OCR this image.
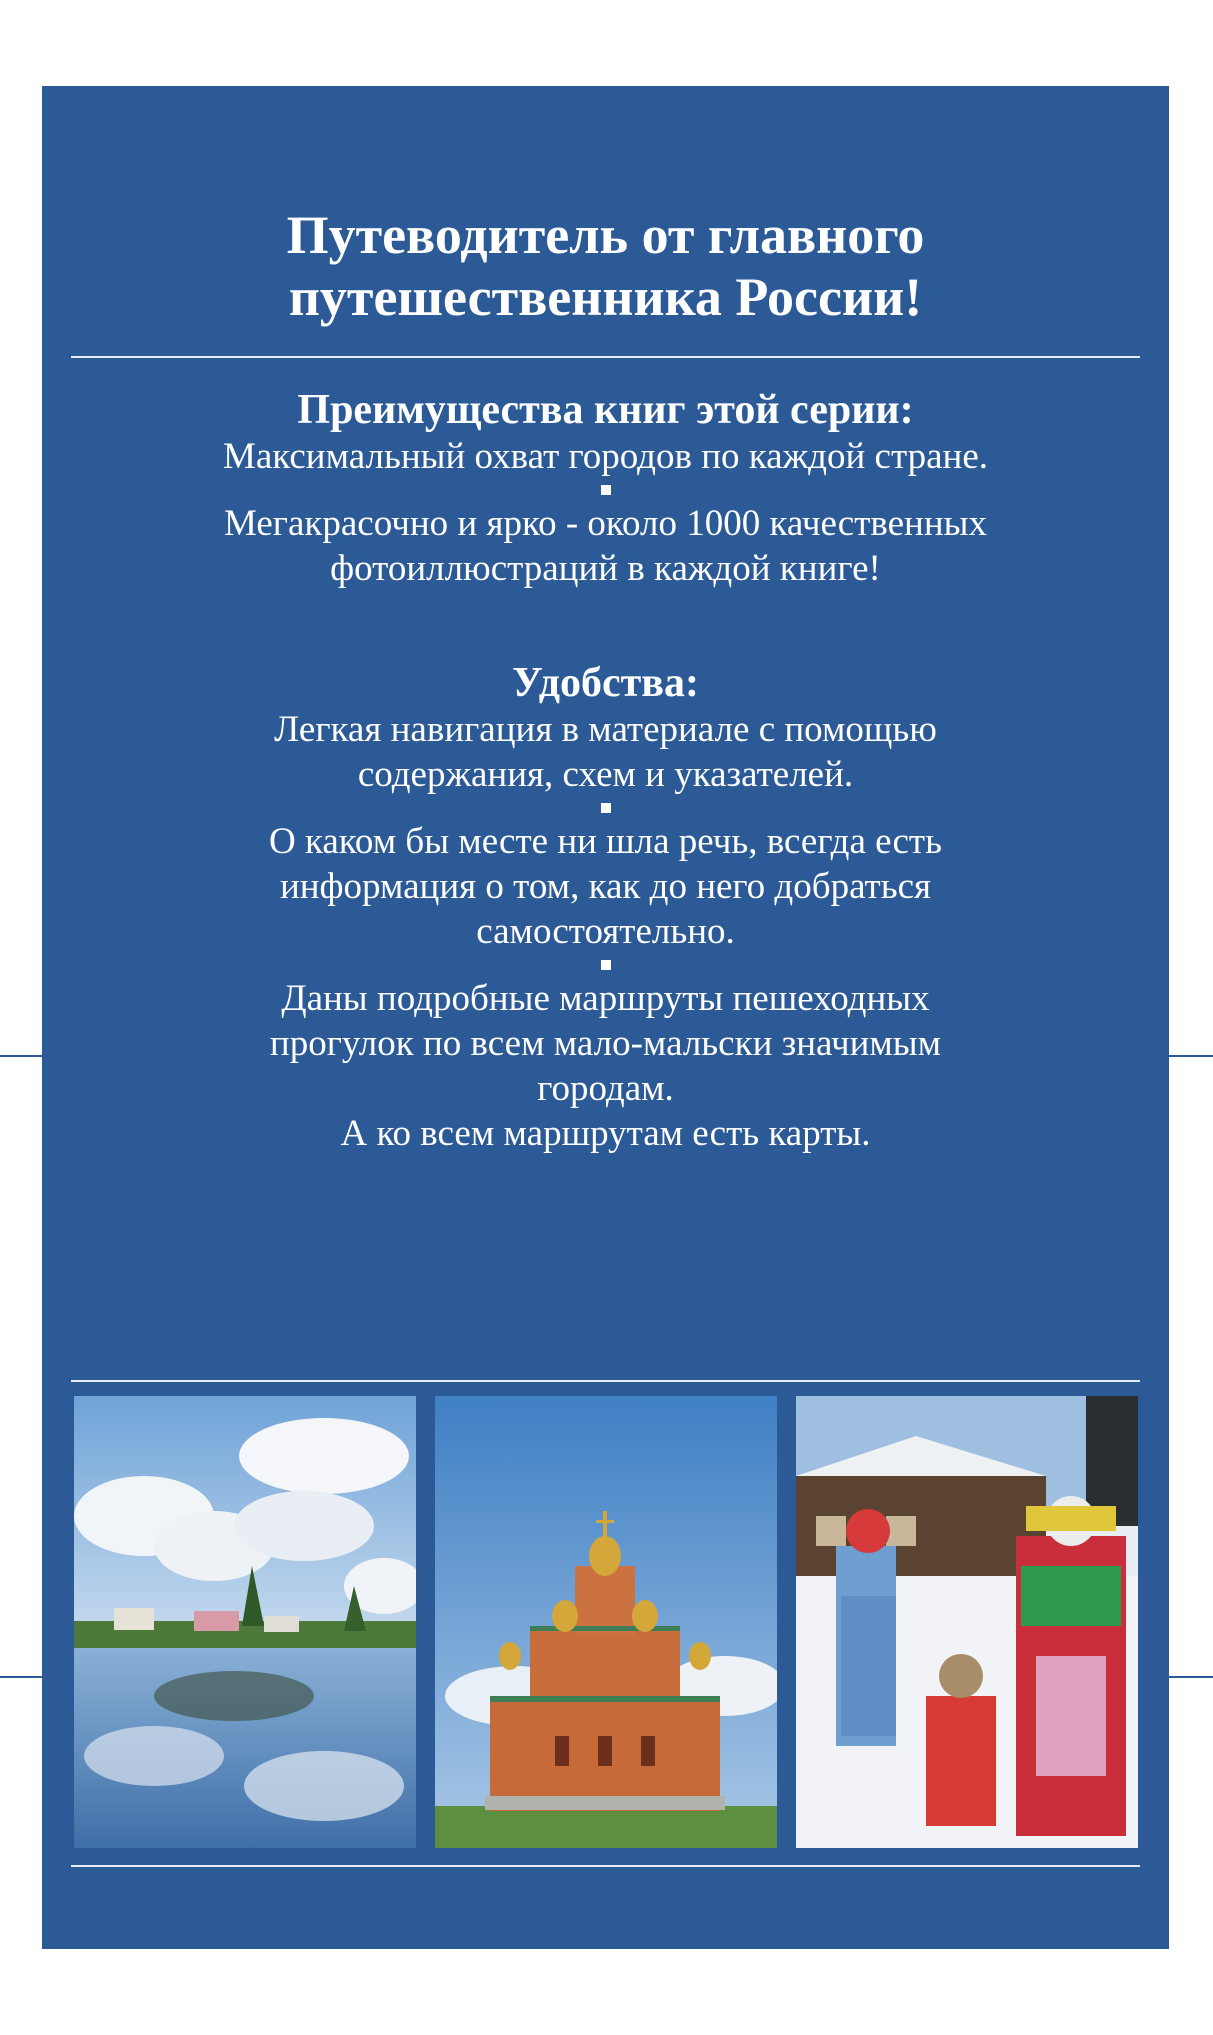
Путеводитель от главного
путешественника России!
Преимущества книг этой серии:
Максимальный охват городов по каждой стране.
Мегакрасочно и ярко - около 1000 качественных
фотоиллюстраций в каждой книге!
Удобства:
Легкая навигация в материале с помощью
содержания, схем и указателей.
О каком бы месте ни шла речь, всегда есть
информация о том, как до него добраться
самостоятельно.
Даны подробные маршруты пешеходных
прогулок по всем мало-мальски значимым
городам.
А ко всем маршрутам есть карты.
